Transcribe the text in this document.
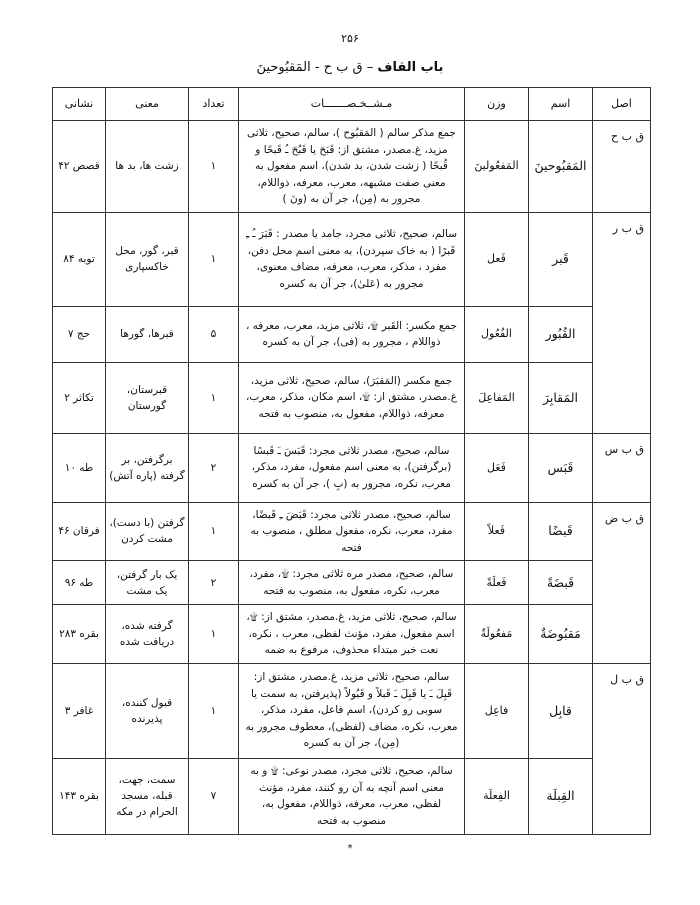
۲۵۶
باب القاف – ق ب ح - المَقبُوحينَ
اصل	اسم	وزن	مـشــخـصـــــــات	تعداد	معنی	نشانی
ق ب ح	المَقبُوحينَ	المَفعُولينَ	جمع مذکر سالم ( المَقبُوح )، سالم، صحیح، ثلاثی مزید، غ.مصدر، مشتق از: قَبَحَ یا قَبُحَ ـُ قَبحًا و قُبحًا ( زشت شدن، بد شدن)، اسم مفعول به معنی صفت مشبهه، معرب، معرفه، ذواللام، مجرور به (مِن)، جر آن به (ونَ )	۱	زشت ها، بد ها	قصص ۴۲
ق ب ر	قَبر	فَعل	سالم، صحیح، ثلاثی مجرد، جامد یا مصدر : قَبَرَ ـُ ـِ قَبرًا ( به خاک سپردن)، به معنی اسم محل دفن، مفرد ، مذکر، معرب، معرفه، مضاف معنوی، مجرور به (عَلیٰ)، جر آن به کسره	۱	قبر، گور، محل خاکسپاری	توبه ۸۴
	القُبُور	الفُعُول	جمع مکسر: القَبر ۩، ثلاثی مزید، معرب، معرفه ، ذواللام ، مجرور به (فی)، جر آن به کسره	۵	قبرها، گورها	حج ۷
	المَقابِرَ	المَفاعِلَ	جمع مکسر (المَقبَرَ)، سالم، صحیح، ثلاثی مزید، غ.مصدر، مشتق از: ۩، اسم مکان، مذکر، معرب، معرفه، ذواللام، مفعول به، منصوب به فتحه	۱	قبرستان، گورستان	تکاثر ۲
ق ب س	قَبَس	فَعَل	سالم، صحیح، مصدر ثلاثی مجرد: قَبَسَ ـَ قَبسًا (برگرفتن)، به معنی اسم مفعول، مفرد، مذکر، معرب، نکره، مجرور به (بِ )، جر آن به کسره	۲	برگرفتن، بر گرفته (پاره آتش)	طه ۱۰
ق ب ض	قَبضًا	فَعلاً	سالم، صحیح، مصدر ثلاثی مجرد: قَبَضَ ـِ قَبضًا، مفرد، معرب، نکره، مفعول مطلق ، منصوب به فتحه	۱	گرفتن (با دست)، مشت کردن	فرقان ۴۶
	قَبضَةً	فَعلَةً	سالم، صحیح، مصدر مره ثلاثی مجرد: ۩، مفرد، معرب، نکره، مفعول به، منصوب به فتحه	۲	یک بار گرفتن، یک مشت	طه ۹۶
	مَقبُوضَةٌ	مَفعُولَةٌ	سالم، صحیح، ثلاثی مزید، غ.مصدر، مشتق از: ۩، اسم مفعول، مفرد، مؤنث لفظی، معرب ، نکره، نعت خبر مبتداء محذوف، مرفوع به ضمه	۱	گرفته شده، دریافت شده	بقره ۲۸۳
ق ب ل	قابِل	فاعِل	سالم، صحیح، ثلاثی مزید، غ.مصدر، مشتق از: قَبِلَ ـَ یا قَبِلَ ـَ قَبلاً و قَبُولاً (پذیرفتن، به سمت یا سوبی رو کردن)، اسم فاعل، مفرد، مذکر، معرب، نکره، مضاف (لفظی)، معطوف مجرور به (مِن)، جر آن به کسره	۱	قبول کننده، پذیرنده	غافر ۳
	القِبلَة	الفِعلَة	سالم، صحیح، ثلاثی مجرد، مصدر نوعی: ۩ و به معنی اسم آنچه به آن رو کنند، مفرد، مؤنث لفظی، معرب، معرفه، ذواللام، مفعول به، منصوب به فتحه	۷	سمت، جهت، قبله، مسجد الحرام در مکه	بقره ۱۴۳
*
